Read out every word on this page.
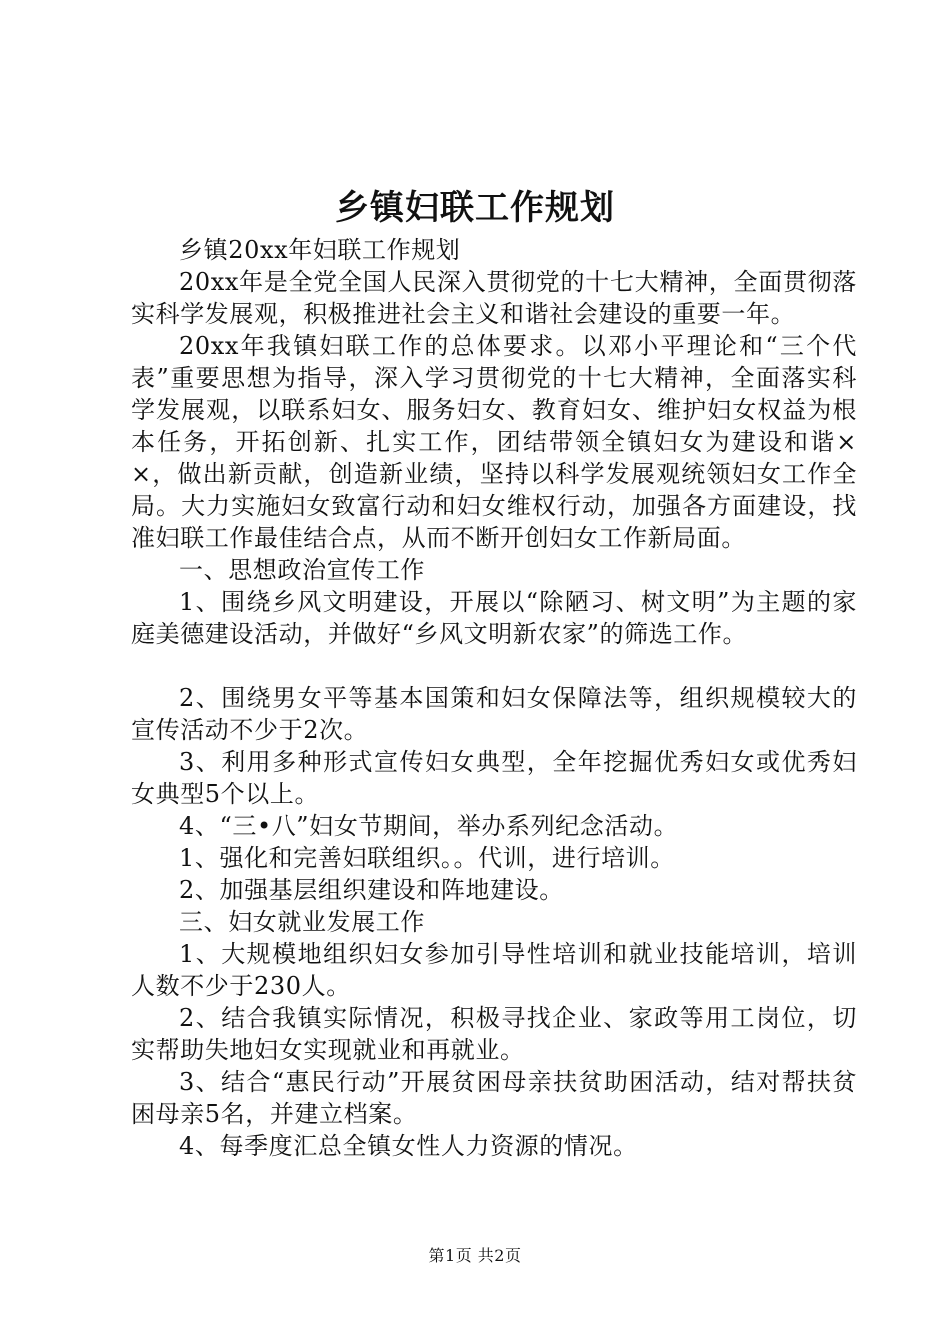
乡镇妇联工作规划

乡镇20xx年妇联工作规划

20xx年是全党全国人民深入贯彻党的十七大精神，全面贯彻落实科学发展观，积极推进社会主义和谐社会建设的重要一年。

20xx年我镇妇联工作的总体要求。以邓小平理论和“三个代表”重要思想为指导，深入学习贯彻党的十七大精神，全面落实科学发展观，以联系妇女、服务妇女、教育妇女、维护妇女权益为根本任务，开拓创新、扎实工作，团结带领全镇妇女为建设和谐××，做出新贡献，创造新业绩，坚持以科学发展观统领妇女工作全局。大力实施妇女致富行动和妇女维权行动，加强各方面建设，找准妇联工作最佳结合点，从而不断开创妇女工作新局面。

一、思想政治宣传工作

1、围绕乡风文明建设，开展以“除陋习、树文明”为主题的家庭美德建设活动，并做好“乡风文明新农家”的筛选工作。

2、围绕男女平等基本国策和妇女保障法等，组织规模较大的宣传活动不少于2次。

3、利用多种形式宣传妇女典型，全年挖掘优秀妇女或优秀妇女典型5个以上。

4、“三•八”妇女节期间，举办系列纪念活动。

1、强化和完善妇联组织。。代训，进行培训。

2、加强基层组织建设和阵地建设。

三、妇女就业发展工作

1、大规模地组织妇女参加引导性培训和就业技能培训，培训人数不少于230人。

2、结合我镇实际情况，积极寻找企业、家政等用工岗位，切实帮助失地妇女实现就业和再就业。

3、结合“惠民行动”开展贫困母亲扶贫助困活动，结对帮扶贫困母亲5名，并建立档案。

4、每季度汇总全镇女性人力资源的情况。

第1页 共2页
